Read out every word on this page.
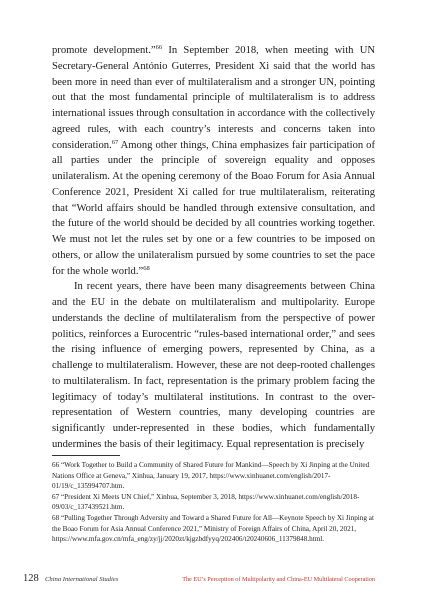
promote development.”$^{66}$ In September 2018, when meeting with UN Secretary-General António Guterres, President Xi said that the world has been more in need than ever of multilateralism and a stronger UN, pointing out that the most fundamental principle of multilateralism is to address international issues through consultation in accordance with the collectively agreed rules, with each country’s interests and concerns taken into consideration.$^{67}$ Among other things, China emphasizes fair participation of all parties under the principle of sovereign equality and opposes unilateralism. At the opening ceremony of the Boao Forum for Asia Annual Conference 2021, President Xi called for true multilateralism, reiterating that “World affairs should be handled through extensive consultation, and the future of the world should be decided by all countries working together. We must not let the rules set by one or a few countries to be imposed on others, or allow the unilateralism pursued by some countries to set the pace for the whole world.”$^{68}$

In recent years, there have been many disagreements between China and the EU in the debate on multilateralism and multipolarity. Europe understands the decline of multilateralism from the perspective of power politics, reinforces a Eurocentric “rules-based international order,” and sees the rising influence of emerging powers, represented by China, as a challenge to multilateralism. However, these are not deep-rooted challenges to multilateralism. In fact, representation is the primary problem facing the legitimacy of today’s multilateral institutions. In contrast to the over-representation of Western countries, many developing countries are significantly under-represented in these bodies, which fundamentally undermines the basis of their legitimacy. Equal representation is precisely

66 “Work Together to Build a Community of Shared Future for Mankind—Speech by Xi Jinping at the United Nations Office at Geneva,” Xinhua, January 19, 2017, https://www.xinhuanet.com/english/2017-01/19/c_135994707.htm.

67 “President Xi Meets UN Chief,” Xinhua, September 3, 2018, https://www.xinhuanet.com/english/2018-09/03/c_137439521.htm.

68 “Pulling Together Through Adversity and Toward a Shared Future for All—Keynote Speech by Xi Jinping at the Boao Forum for Asia Annual Conference 2021,” Ministry of Foreign Affairs of China, April 20, 2021, https://www.mfa.gov.cn/mfa_eng/zy/jj/2020zt/kjgzbdfyyq/202406/t20240606_11379848.html.

128 China International Studies	The EU’s Perception of Multipolarity and China-EU Multilateral Cooperation
